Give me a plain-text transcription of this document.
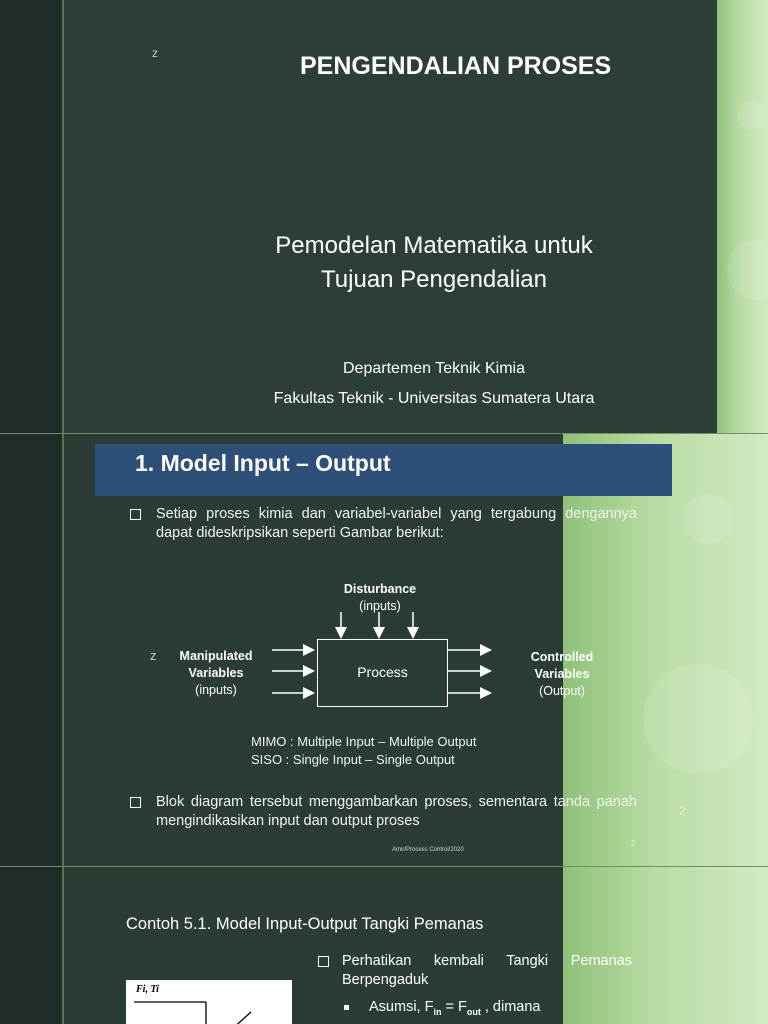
z	PENGENDALIAN PROSES
Pemodelan Matematika untuk
Tujuan Pengendalian
Departemen Teknik Kimia
Fakultas Teknik - Universitas Sumatera Utara
1. Model Input – Output
Setiap proses kimia dan variabel-variabel yang tergabung dengannya dapat dideskripsikan seperti Gambar berikut:
Disturbance
(inputs)
Manipulated
Variables
(inputs)
z	Controlled
Variables
(Output)
Process
MIMO : Multiple Input – Multiple Output
SISO : Single Input – Single Output
Blok diagram tersebut menggambarkan proses, sementara tanda panah mengindikasikan input dan output proses
Amir/Process Control/2020
2
2
Contoh 5.1. Model Input-Output Tangki Pemanas
Perhatikan kembali Tangki Pemanas Berpengaduk
Asumsi, $F_{in} = F_{out}$ , dimana
Fi, Ti
